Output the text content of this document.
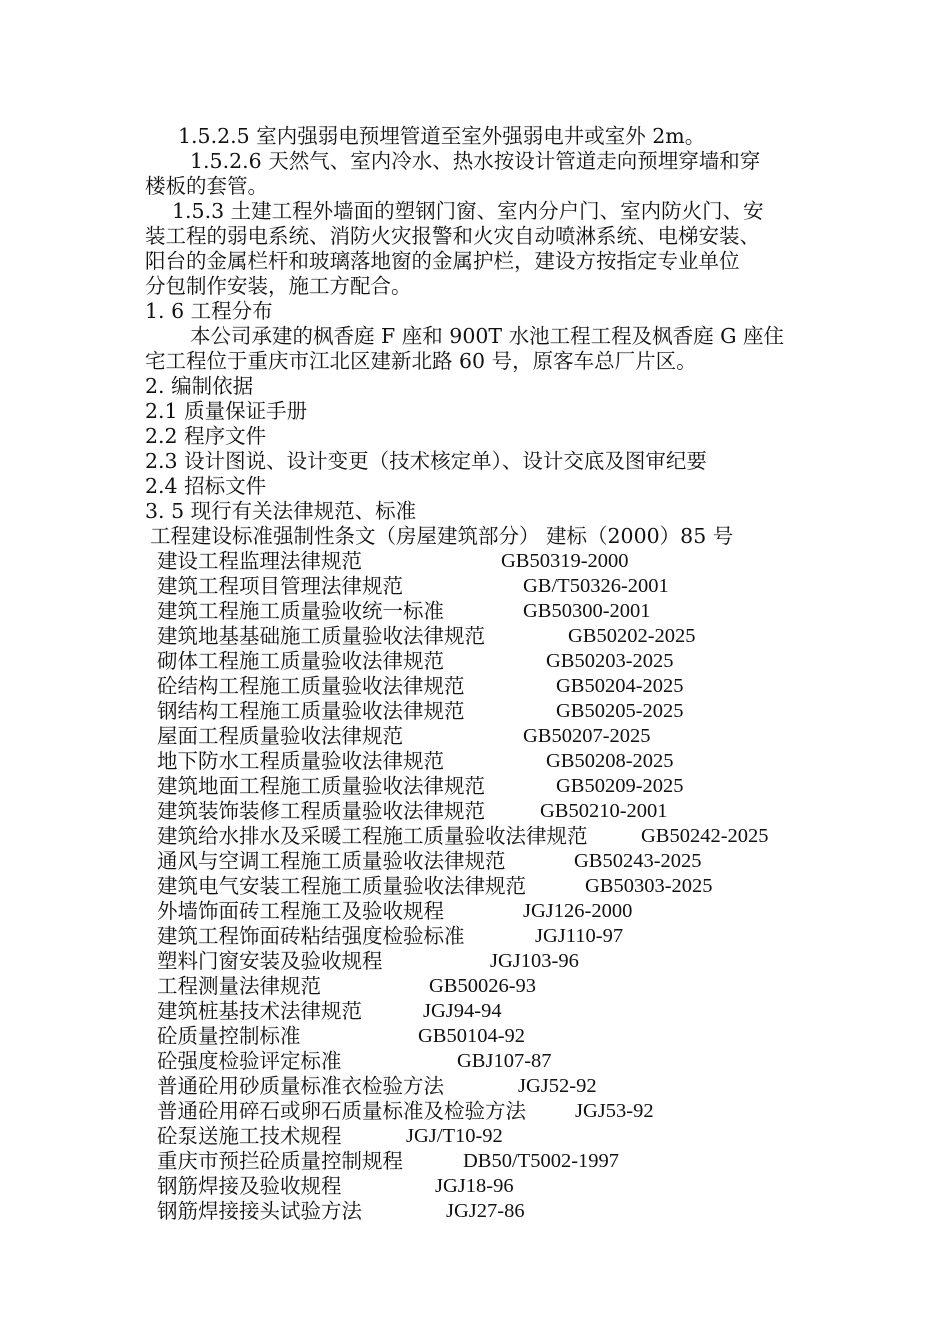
1.5.2.5 室内强弱电预埋管道至室外强弱电井或室外 2m。
1.5.2.6 天然气、室内冷水、热水按设计管道走向预埋穿墙和穿
楼板的套管。
1.5.3 土建工程外墙面的塑钢门窗、室内分户门、室内防火门、安
装工程的弱电系统、消防火灾报警和火灾自动喷淋系统、电梯安装、
阳台的金属栏杆和玻璃落地窗的金属护栏，建设方按指定专业单位
分包制作安装，施工方配合。
1. 6 工程分布
本公司承建的枫香庭 F 座和 900T 水池工程工程及枫香庭 G 座住
宅工程位于重庆市江北区建新北路 60 号，原客车总厂片区。
2. 编制依据
2.1 质量保证手册
2.2 程序文件
2.3 设计图说、设计变更（技术核定单）、设计交底及图审纪要
2.4 招标文件
3. 5 现行有关法律规范、标准
工程建设标准强制性条文（房屋建筑部分） 建标（2000）85 号
建设工程监理法律规范	GB50319-2000
建筑工程项目管理法律规范	GB/T50326-2001
建筑工程施工质量验收统一标准	GB50300-2001
建筑地基基础施工质量验收法律规范	GB50202-2025
砌体工程施工质量验收法律规范	GB50203-2025
砼结构工程施工质量验收法律规范	GB50204-2025
钢结构工程施工质量验收法律规范	GB50205-2025
屋面工程质量验收法律规范	GB50207-2025
地下防水工程质量验收法律规范	GB50208-2025
建筑地面工程施工质量验收法律规范	GB50209-2025
建筑装饰装修工程质量验收法律规范	GB50210-2001
建筑给水排水及采暖工程施工质量验收法律规范	GB50242-2025
通风与空调工程施工质量验收法律规范	GB50243-2025
建筑电气安装工程施工质量验收法律规范	GB50303-2025
外墙饰面砖工程施工及验收规程	JGJ126-2000
建筑工程饰面砖粘结强度检验标准	JGJ110-97
塑料门窗安装及验收规程	JGJ103-96
工程测量法律规范	GB50026-93
建筑桩基技术法律规范	JGJ94-94
砼质量控制标准	GB50104-92
砼强度检验评定标准	GBJ107-87
普通砼用砂质量标准衣检验方法	JGJ52-92
普通砼用碎石或卵石质量标准及检验方法 JGJ53-92
砼泵送施工技术规程	JGJ/T10-92
重庆市预拦砼质量控制规程	DB50/T5002-1997
钢筋焊接及验收规程	JGJ18-96
钢筋焊接接头试验方法	JGJ27-86
